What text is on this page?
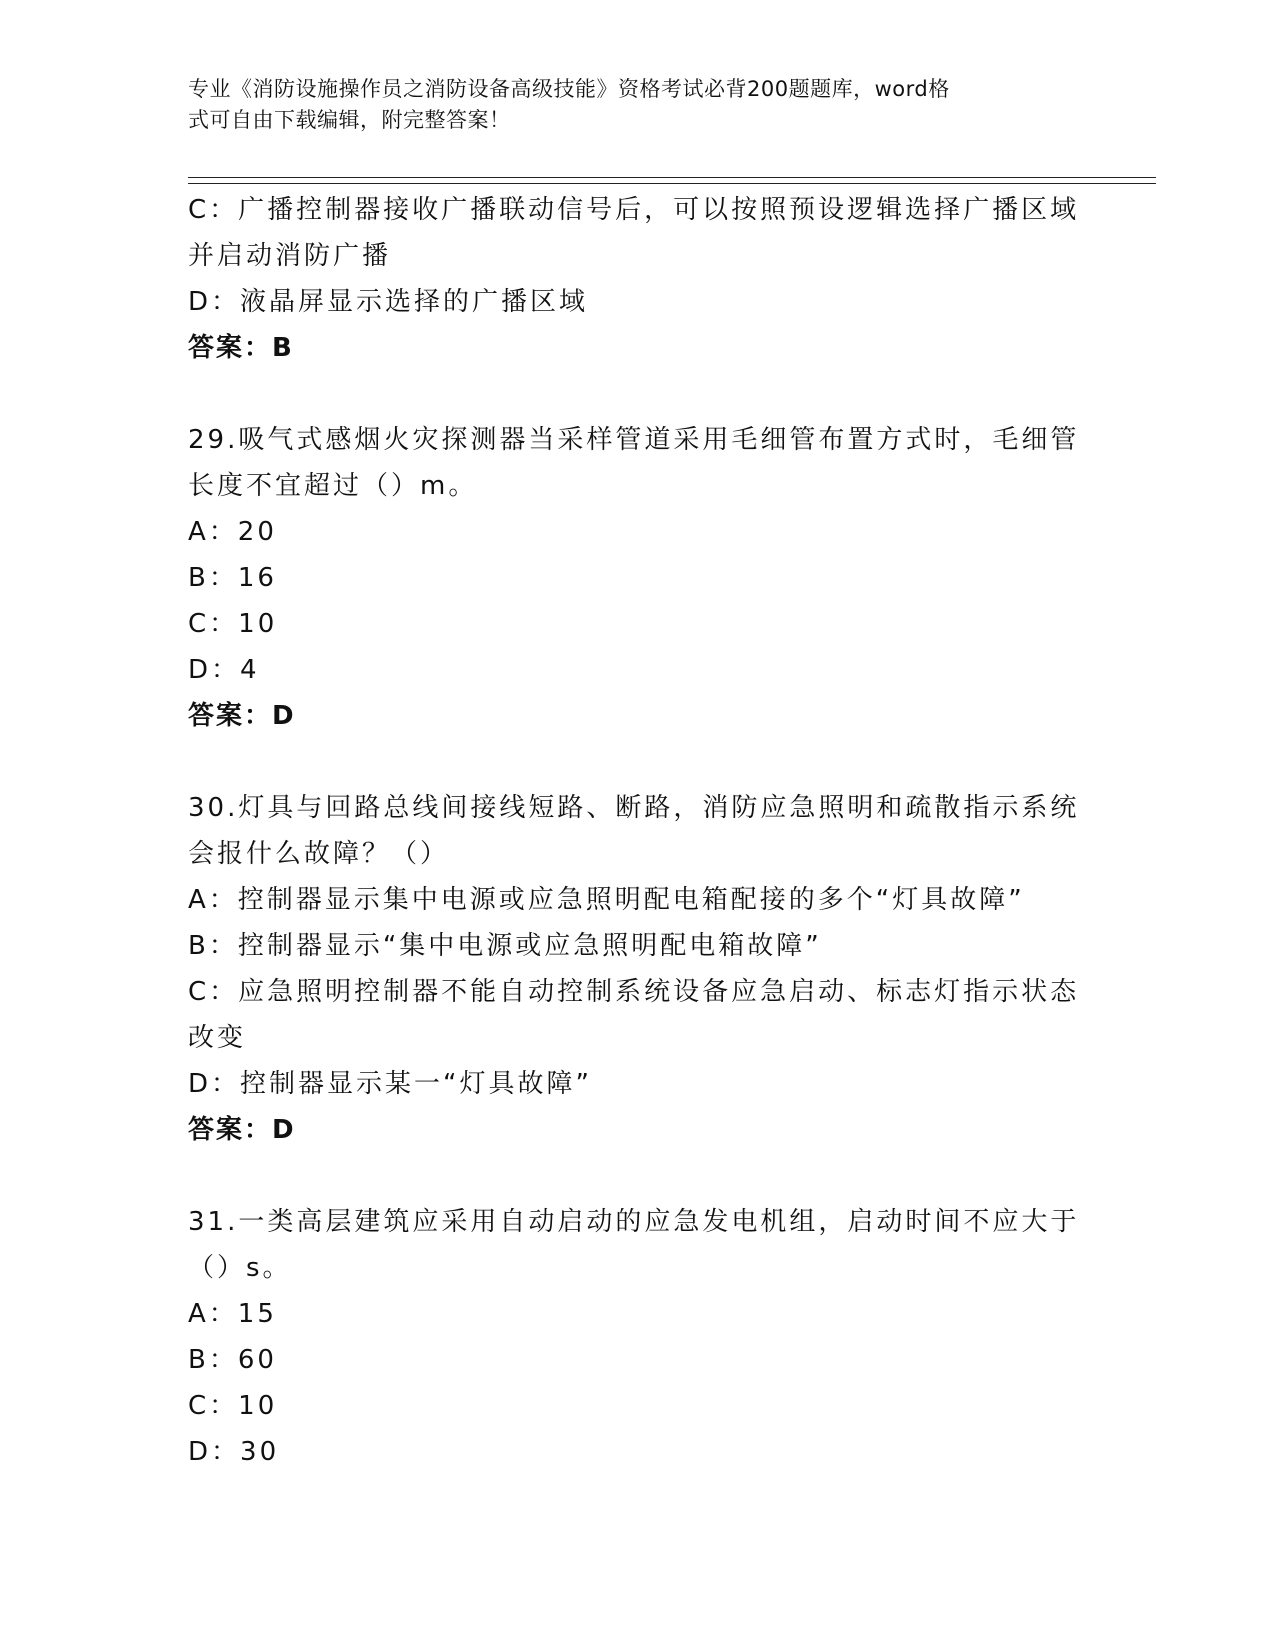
专业《消防设施操作员之消防设备高级技能》资格考试必背200题题库，word格
式可自由下载编辑，附完整答案！
C：广播控制器接收广播联动信号后，可以按照预设逻辑选择广播区域
并启动消防广播
D：液晶屏显示选择的广播区域
答案：B
29.吸气式感烟火灾探测器当采样管道采用毛细管布置方式时，毛细管
长度不宜超过（）m。
A：20
B：16
C：10
D：4
答案：D
30.灯具与回路总线间接线短路、断路，消防应急照明和疏散指示系统
会报什么故障？（）
A：控制器显示集中电源或应急照明配电箱配接的多个“灯具故障”
B：控制器显示“集中电源或应急照明配电箱故障”
C：应急照明控制器不能自动控制系统设备应急启动、标志灯指示状态
改变
D：控制器显示某一“灯具故障”
答案：D
31.一类高层建筑应采用自动启动的应急发电机组，启动时间不应大于
（）s。
A：15
B：60
C：10
D：30
